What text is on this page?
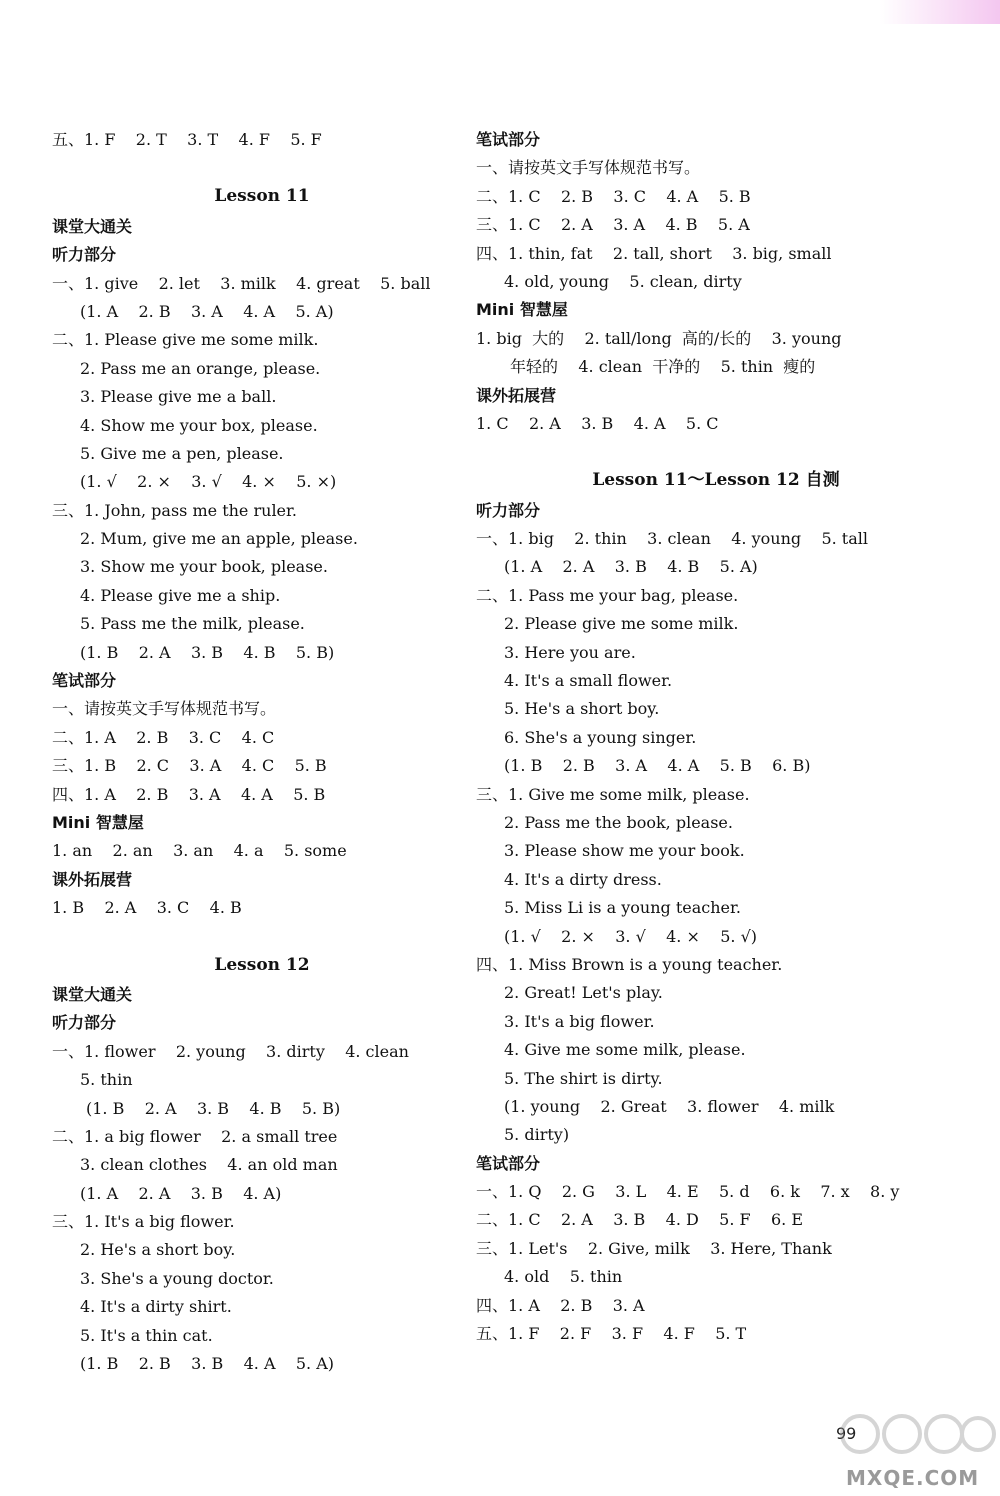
五、1. F    2. T    3. T    4. F    5. F
Lesson 11
课堂大通关
听力部分
一、1. give    2. let    3. milk    4. great    5. ball
(1. A    2. B    3. A    4. A    5. A)
二、1. Please give me some milk.
2. Pass me an orange, please.
3. Please give me a ball.
4. Show me your box, please.
5. Give me a pen, please.
(1. √    2. ×    3. √    4. ×    5. ×)
三、1. John, pass me the ruler.
2. Mum, give me an apple, please.
3. Show me your book, please.
4. Please give me a ship.
5. Pass me the milk, please.
(1. B    2. A    3. B    4. B    5. B)
笔试部分
一、请按英文手写体规范书写。
二、1. A    2. B    3. C    4. C
三、1. B    2. C    3. A    4. C    5. B
四、1. A    2. B    3. A    4. A    5. B
Mini 智慧屋
1. an    2. an    3. an    4. a    5. some
课外拓展营
1. B    2. A    3. C    4. B
Lesson 12
课堂大通关
听力部分
一、1. flower    2. young    3. dirty    4. clean
5. thin
(1. B    2. A    3. B    4. B    5. B)
二、1. a big flower    2. a small tree
3. clean clothes    4. an old man
(1. A    2. A    3. B    4. A)
三、1. It's a big flower.
2. He's a short boy.
3. She's a young doctor.
4. It's a dirty shirt.
5. It's a thin cat.
(1. B    2. B    3. B    4. A    5. A)
笔试部分
一、请按英文手写体规范书写。
二、1. C    2. B    3. C    4. A    5. B
三、1. C    2. A    3. A    4. B    5. A
四、1. thin, fat    2. tall, short    3. big, small
4. old, young    5. clean, dirty
Mini 智慧屋
1. big  大的    2. tall/long  高的/长的    3. young
年轻的    4. clean  干净的    5. thin  瘦的
课外拓展营
1. C    2. A    3. B    4. A    5. C
Lesson 11～Lesson 12 自测
听力部分
一、1. big    2. thin    3. clean    4. young    5. tall
(1. A    2. A    3. B    4. B    5. A)
二、1. Pass me your bag, please.
2. Please give me some milk.
3. Here you are.
4. It's a small flower.
5. He's a short boy.
6. She's a young singer.
(1. B    2. B    3. A    4. A    5. B    6. B)
三、1. Give me some milk, please.
2. Pass me the book, please.
3. Please show me your book.
4. It's a dirty dress.
5. Miss Li is a young teacher.
(1. √    2. ×    3. √    4. ×    5. √)
四、1. Miss Brown is a young teacher.
2. Great! Let's play.
3. It's a big flower.
4. Give me some milk, please.
5. The shirt is dirty.
(1. young    2. Great    3. flower    4. milk
5. dirty)
笔试部分
一、1. Q    2. G    3. L    4. E    5. d    6. k    7. x    8. y
二、1. C    2. A    3. B    4. D    5. F    6. E
三、1. Let's    2. Give, milk    3. Here, Thank
4. old    5. thin
四、1. A    2. B    3. A
五、1. F    2. F    3. F    4. F    5. T
99
MXQE.COM
